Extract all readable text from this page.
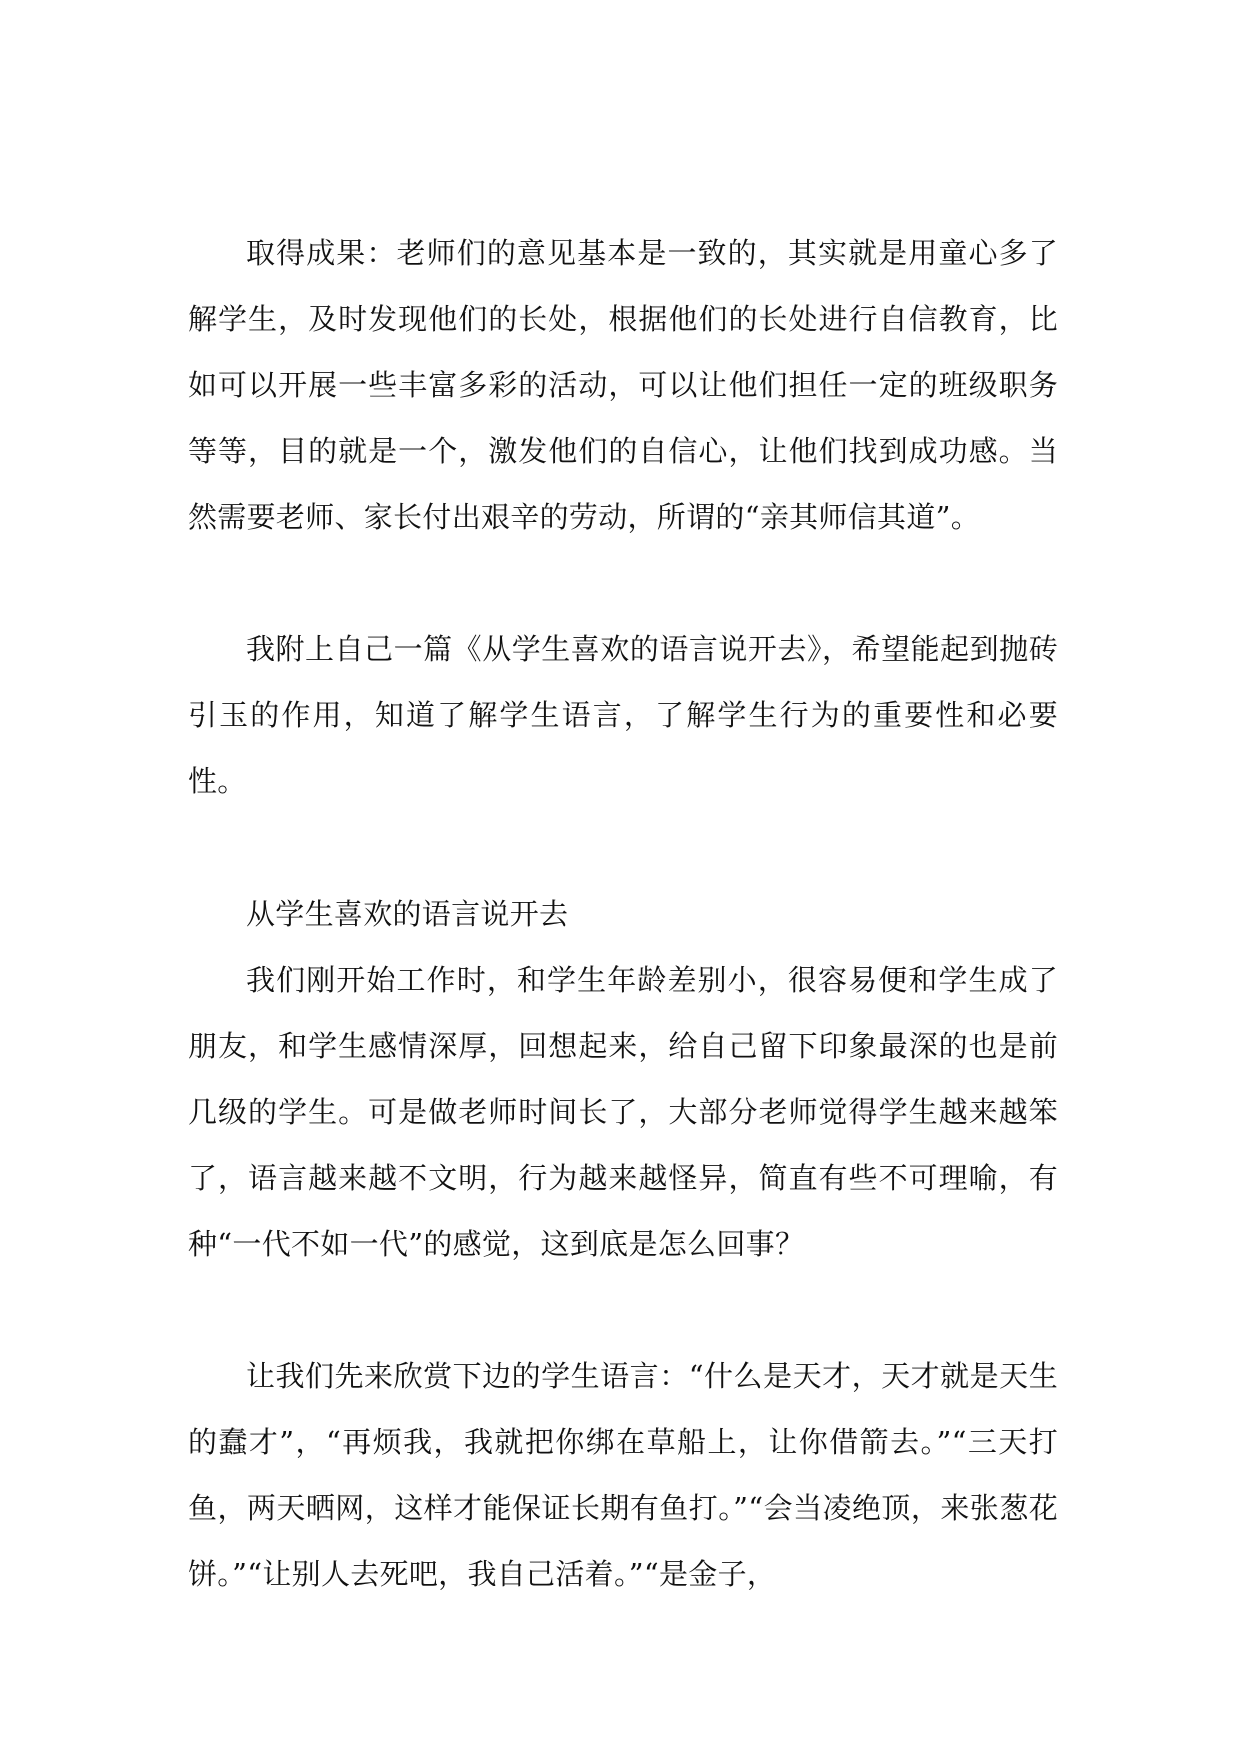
取得成果：老师们的意见基本是一致的，其实就是用童心多了解学生，及时发现他们的长处，根据他们的长处进行自信教育，比如可以开展一些丰富多彩的活动，可以让他们担任一定的班级职务等等，目的就是一个，激发他们的自信心，让他们找到成功感。当然需要老师、家长付出艰辛的劳动，所谓的“亲其师信其道”。

我附上自己一篇《从学生喜欢的语言说开去》，希望能起到抛砖引玉的作用，知道了解学生语言，了解学生行为的重要性和必要性。

从学生喜欢的语言说开去

我们刚开始工作时，和学生年龄差别小，很容易便和学生成了朋友，和学生感情深厚，回想起来，给自己留下印象最深的也是前几级的学生。可是做老师时间长了，大部分老师觉得学生越来越笨了，语言越来越不文明，行为越来越怪异，简直有些不可理喻，有种“一代不如一代”的感觉，这到底是怎么回事？

让我们先来欣赏下边的学生语言：“什么是天才，天才就是天生的蠢才”，“再烦我，我就把你绑在草船上，让你借箭去。”“三天打鱼，两天晒网，这样才能保证长期有鱼打。”“会当凌绝顶，来张葱花饼。”“让别人去死吧，我自己活着。”“是金子，
